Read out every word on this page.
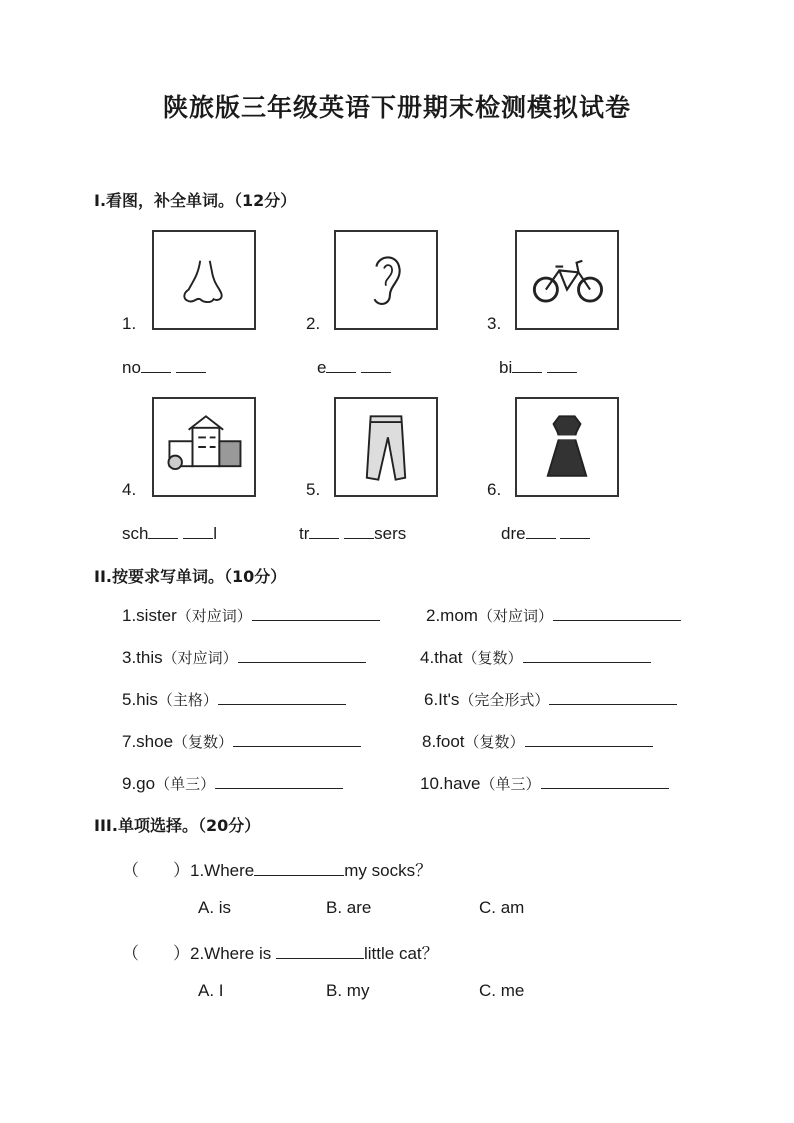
陕旅版三年级英语下册期末检测模拟试卷
I.看图，补全单词。（12分）
1.	2.	3.
no	e	bi
4.	5.	6.
sch	l	tr	sers	dre
II.按要求写单词。（10分）
1.sister（对应词）	2.mom（对应词）
3.this（对应词）	4.that（复数）
5.his（主格）	6.It's（完全形式）
7.shoe（复数）	8.foot（复数）
9.go（单三）	10.have（单三）
III.单项选择。（20分）
（　　）1.Where	my socks？
A. is	B. are	C. am
（　　）2.Where is	little cat？
A. I	B. my	C. me
